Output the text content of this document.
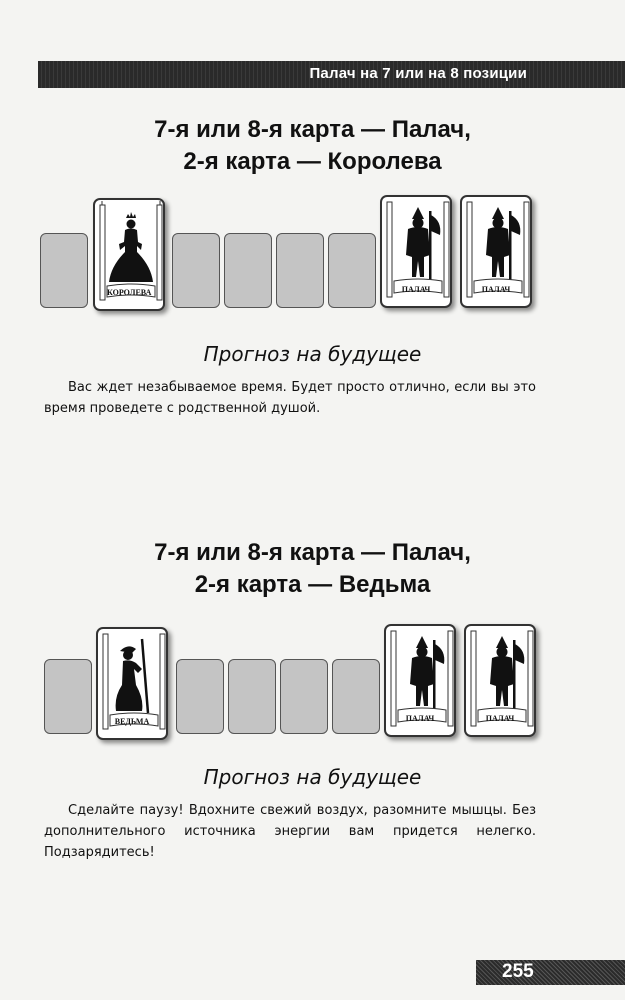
Палач на 7 или на 8 позиции
7-я или 8-я карта — Палач,
2-я карта — Королева
КОРОЛЕВА	ПАЛАЧ	ПАЛАЧ
Прогноз на будущее
Вас ждет незабываемое время. Будет просто отлично, если вы это время проведете с родственной душой.
7-я или 8-я карта — Палач,
2-я карта — Ведьма
ВЕДЬМА	ПАЛАЧ	ПАЛАЧ
Прогноз на будущее
Сделайте паузу! Вдохните свежий воздух, разомните мышцы. Без дополнительного источника энергии вам придется нелегко. Подзарядитесь!
255
